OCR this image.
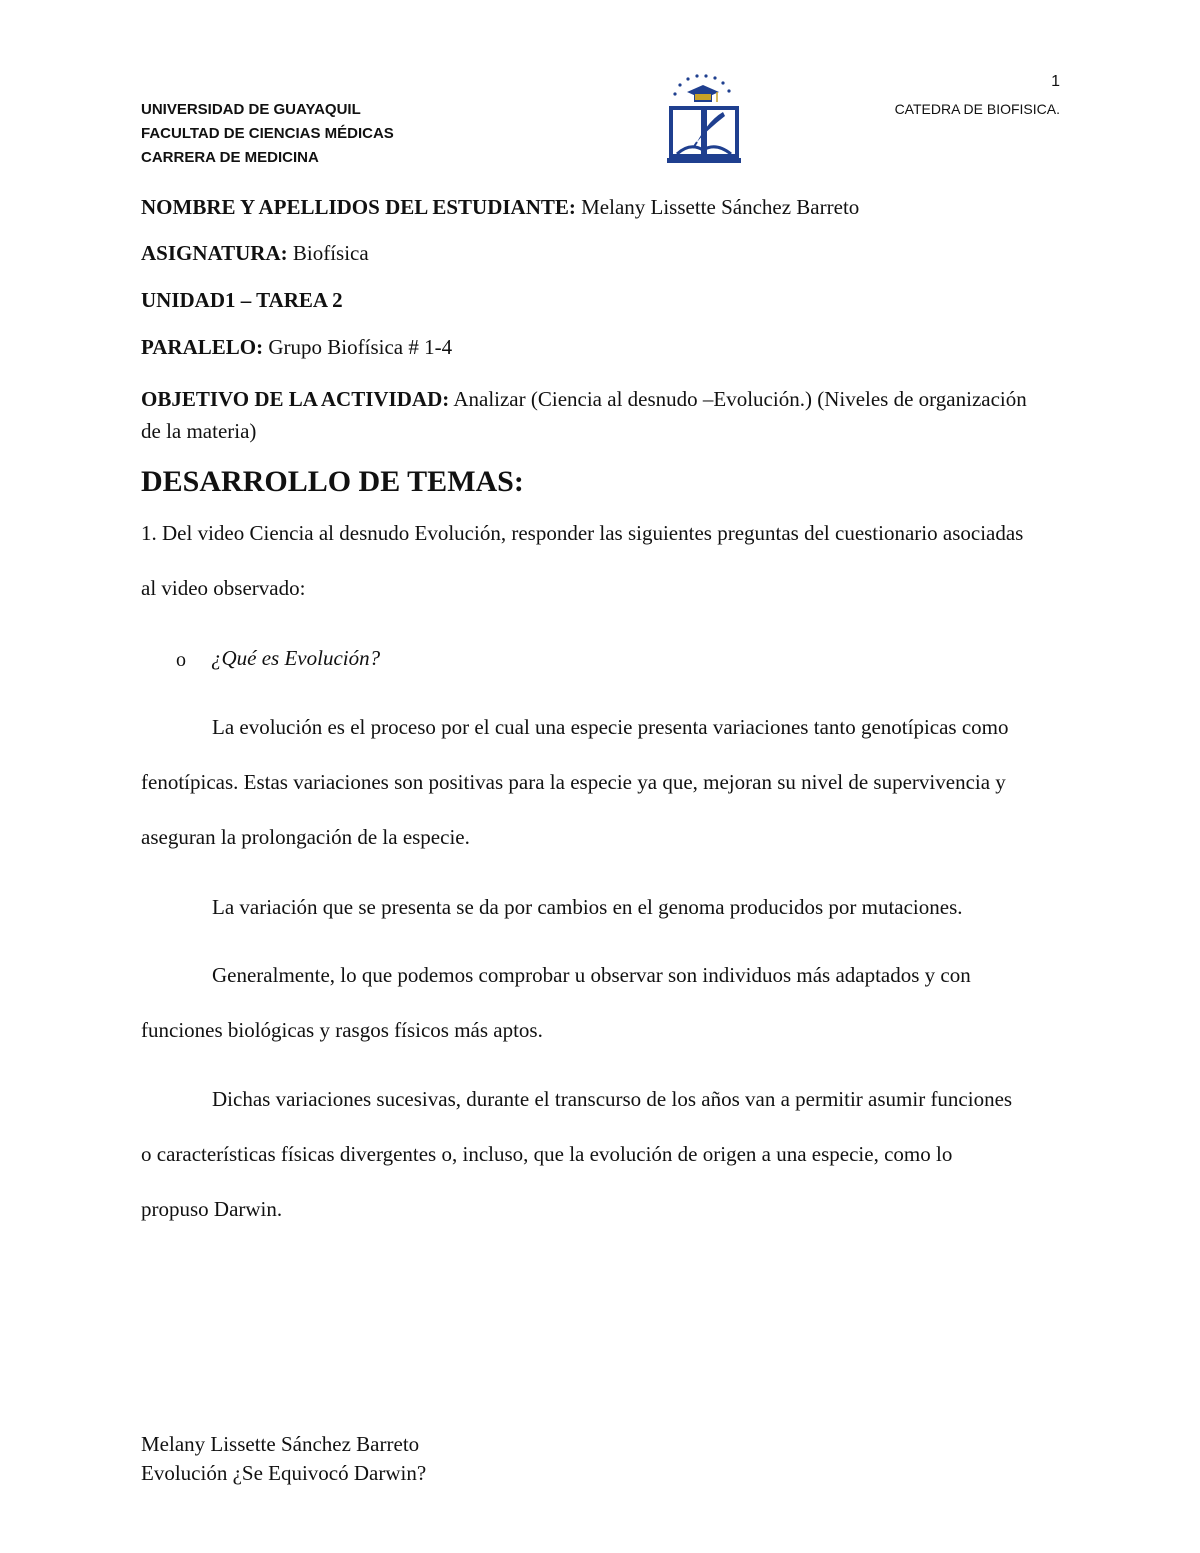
1
UNIVERSIDAD DE GUAYAQUIL
FACULTAD DE CIENCIAS MÉDICAS
CARRERA DE MEDICINA
CATEDRA DE BIOFISICA.
NOMBRE Y APELLIDOS DEL ESTUDIANTE: Melany Lissette Sánchez Barreto
ASIGNATURA: Biofísica
UNIDAD1 – TAREA 2
PARALELO: Grupo Biofísica # 1-4
OBJETIVO DE LA ACTIVIDAD: Analizar (Ciencia al desnudo –Evolución.) (Niveles de organización de la materia)
DESARROLLO DE TEMAS:
1. Del video Ciencia al desnudo Evolución, responder las siguientes preguntas del cuestionario asociadas al video observado:
o ¿Qué es Evolución?
La evolución es el proceso por el cual una especie presenta variaciones tanto genotípicas como fenotípicas. Estas variaciones son positivas para la especie ya que, mejoran su nivel de supervivencia y aseguran la prolongación de la especie.
La variación que se presenta se da por cambios en el genoma producidos por mutaciones.
Generalmente, lo que podemos comprobar u observar son individuos más adaptados y con funciones biológicas y rasgos físicos más aptos.
Dichas variaciones sucesivas, durante el transcurso de los años van a permitir asumir funciones o características físicas divergentes o, incluso, que la evolución de origen a una especie, como lo propuso Darwin.
Melany Lissette Sánchez Barreto
Evolución ¿Se Equivocó Darwin?
